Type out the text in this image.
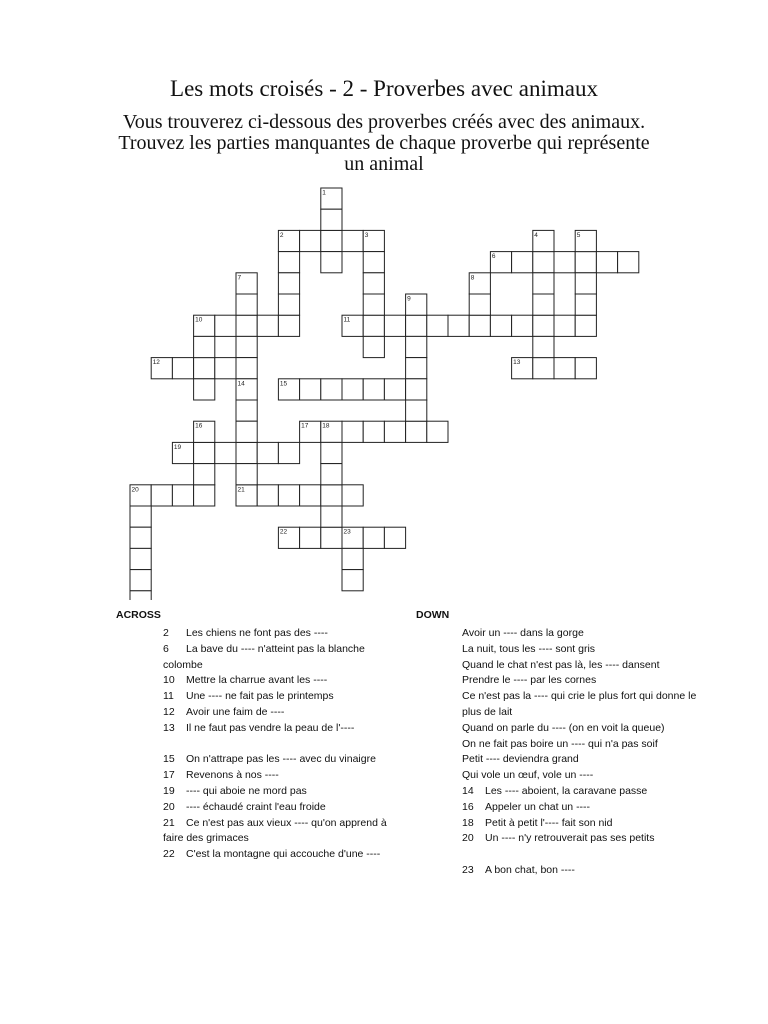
Les mots croisés - 2 - Proverbes avec animaux

Vous trouverez ci-dessous des proverbes créés avec des animaux. Trouvez les parties manquantes de chaque proverbe qui représente un animal

2	3
6
10	11
12	13
15
17 18
19
20	21
22	23
1
4	5
7
14
8
9
16
ACROSS	DOWN
2 Les chiens ne font pas des ----
6 La bave du ---- n'atteint pas la blanche colombe
10 Mettre la charrue avant les ----
11 Une ---- ne fait pas le printemps
12 Avoir une faim de ----
13 Il ne faut pas vendre la peau de l'----
15 On n'attrape pas les ---- avec du vinaigre
17 Revenons à nos ----
19 ---- qui aboie ne mord pas
20 ---- échaudé craint l'eau froide
21 Ce n'est pas aux vieux ---- qu'on apprend à faire des grimaces
22 C'est la montagne qui accouche d'une ----
Avoir un ---- dans la gorge
La nuit, tous les ---- sont gris
Quand le chat n'est pas là, les ---- dansent
Prendre le ---- par les cornes
Ce n'est pas la ---- qui crie le plus fort qui donne le plus de lait
Quand on parle du ---- (on en voit la queue)
On ne fait pas boire un ---- qui n'a pas soif
Petit ---- deviendra grand
Qui vole un œuf, vole un ----
14 Les ---- aboient, la caravane passe
16 Appeler un chat un ----
18 Petit à petit l'---- fait son nid
20 Un ---- n'y retrouverait pas ses petits
23 A bon chat, bon ----
